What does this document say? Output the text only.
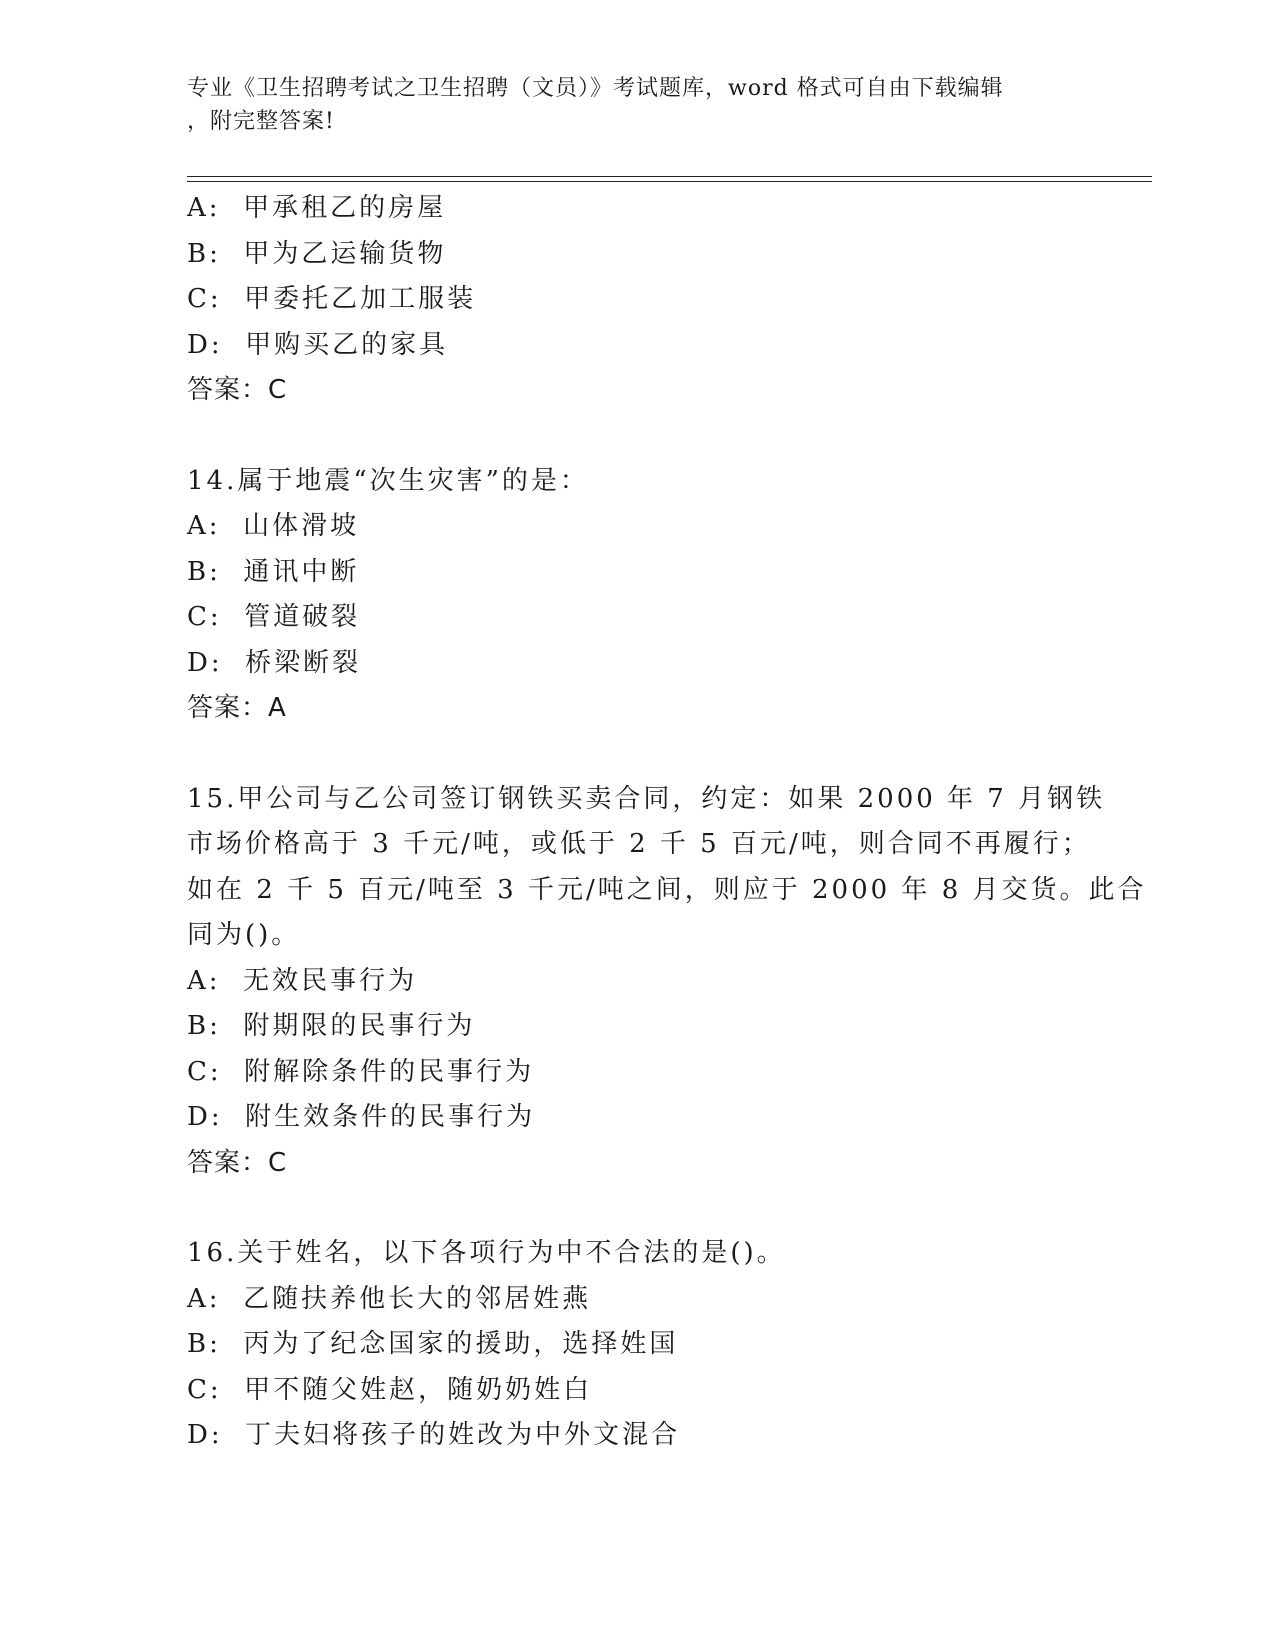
专业《卫生招聘考试之卫生招聘（文员）》考试题库，word 格式可自由下载编辑
，附完整答案!
A:  甲承租乙的房屋
B:  甲为乙运输货物
C:  甲委托乙加工服装
D:  甲购买乙的家具
答案：C
14.属于地震“次生灾害”的是：
A:  山体滑坡
B:  通讯中断
C:  管道破裂
D:  桥梁断裂
答案：A
15.甲公司与乙公司签订钢铁买卖合同，约定：如果 2000 年 7 月钢铁
市场价格高于 3 千元/吨，或低于 2 千 5 百元/吨，则合同不再履行；
如在 2 千 5 百元/吨至 3 千元/吨之间，则应于 2000 年 8 月交货。此合
同为()。
A:  无效民事行为
B:  附期限的民事行为
C:  附解除条件的民事行为
D:  附生效条件的民事行为
答案：C
16.关于姓名，以下各项行为中不合法的是()。
A:  乙随扶养他长大的邻居姓燕
B:  丙为了纪念国家的援助，选择姓国
C:  甲不随父姓赵，随奶奶姓白
D:  丁夫妇将孩子的姓改为中外文混合
